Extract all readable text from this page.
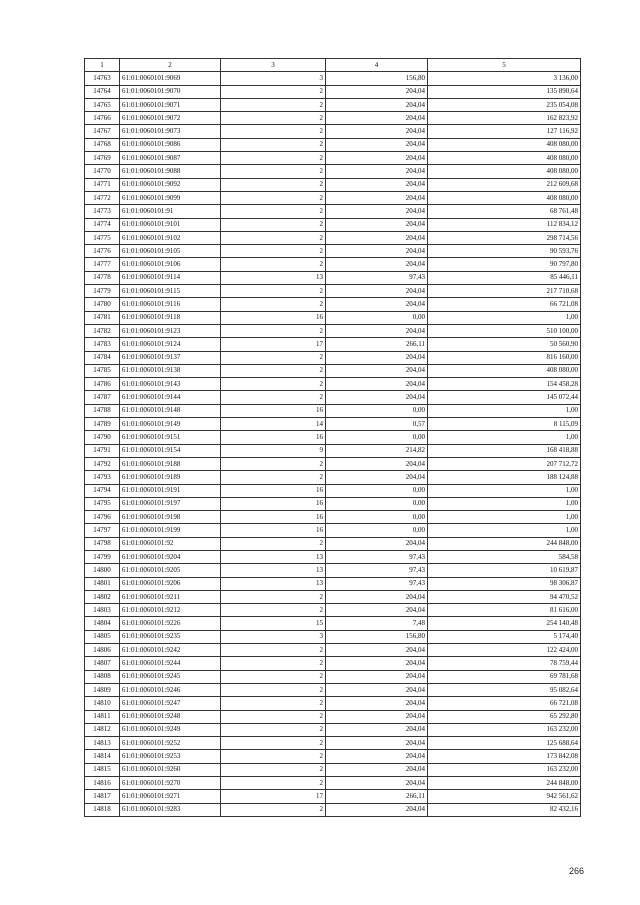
1	2	3	4	5
14763	61:01:0060101:9069	3	156,80	3 136,00
14764	61:01:0060101:9070	2	204,04	135 890,64
14765	61:01:0060101:9071	2	204,04	235 054,08
14766	61:01:0060101:9072	2	204,04	162 823,92
14767	61:01:0060101:9073	2	204,04	127 116,92
14768	61:01:0060101:9086	2	204,04	408 080,00
14769	61:01:0060101:9087	2	204,04	408 080,00
14770	61:01:0060101:9088	2	204,04	408 080,00
14771	61:01:0060101:9092	2	204,04	212 609,68
14772	61:01:0060101:9099	2	204,04	408 080,00
14773	61:01:0060101:91	2	204,04	68 761,48
14774	61:01:0060101:9101	2	204,04	112 834,12
14775	61:01:0060101:9102	2	204,04	298 714,56
14776	61:01:0060101:9105	2	204,04	90 593,76
14777	61:01:0060101:9106	2	204,04	90 797,80
14778	61:01:0060101:9114	13	97,43	85 446,11
14779	61:01:0060101:9115	2	204,04	217 710,68
14780	61:01:0060101:9116	2	204,04	66 721,08
14781	61:01:0060101:9118	16	0,00	1,00
14782	61:01:0060101:9123	2	204,04	510 100,00
14783	61:01:0060101:9124	17	266,11	50 560,90
14784	61:01:0060101:9137	2	204,04	816 160,00
14785	61:01:0060101:9138	2	204,04	408 080,00
14786	61:01:0060101:9143	2	204,04	154 458,28
14787	61:01:0060101:9144	2	204,04	145 072,44
14788	61:01:0060101:9148	16	0,00	1,00
14789	61:01:0060101:9149	14	0,57	8 115,09
14790	61:01:0060101:9151	16	0,00	1,00
14791	61:01:0060101:9154	9	214,82	168 418,88
14792	61:01:0060101:9188	2	204,04	207 712,72
14793	61:01:0060101:9189	2	204,04	188 124,88
14794	61:01:0060101:9191	16	0,00	1,00
14795	61:01:0060101:9197	16	0,00	1,00
14796	61:01:0060101:9198	16	0,00	1,00
14797	61:01:0060101:9199	16	0,00	1,00
14798	61:01:0060101:92	2	204,04	244 848,00
14799	61:01:0060101:9204	13	97,43	584,58
14800	61:01:0060101:9205	13	97,43	10 619,87
14801	61:01:0060101:9206	13	97,43	98 306,87
14802	61:01:0060101:9211	2	204,04	94 470,52
14803	61:01:0060101:9212	2	204,04	81 616,00
14804	61:01:0060101:9226	15	7,48	254 140,48
14805	61:01:0060101:9235	3	156,80	5 174,40
14806	61:01:0060101:9242	2	204,04	122 424,00
14807	61:01:0060101:9244	2	204,04	78 759,44
14808	61:01:0060101:9245	2	204,04	69 781,68
14809	61:01:0060101:9246	2	204,04	95 082,64
14810	61:01:0060101:9247	2	204,04	66 721,08
14811	61:01:0060101:9248	2	204,04	65 292,80
14812	61:01:0060101:9249	2	204,04	163 232,00
14813	61:01:0060101:9252	2	204,04	125 688,64
14814	61:01:0060101:9253	2	204,04	173 842,08
14815	61:01:0060101:9260	2	204,04	163 232,00
14816	61:01:0060101:9270	2	204,04	244 848,00
14817	61:01:0060101:9271	17	266,11	942 561,62
14818	61:01:0060101:9283	2	204,04	82 432,16
266
